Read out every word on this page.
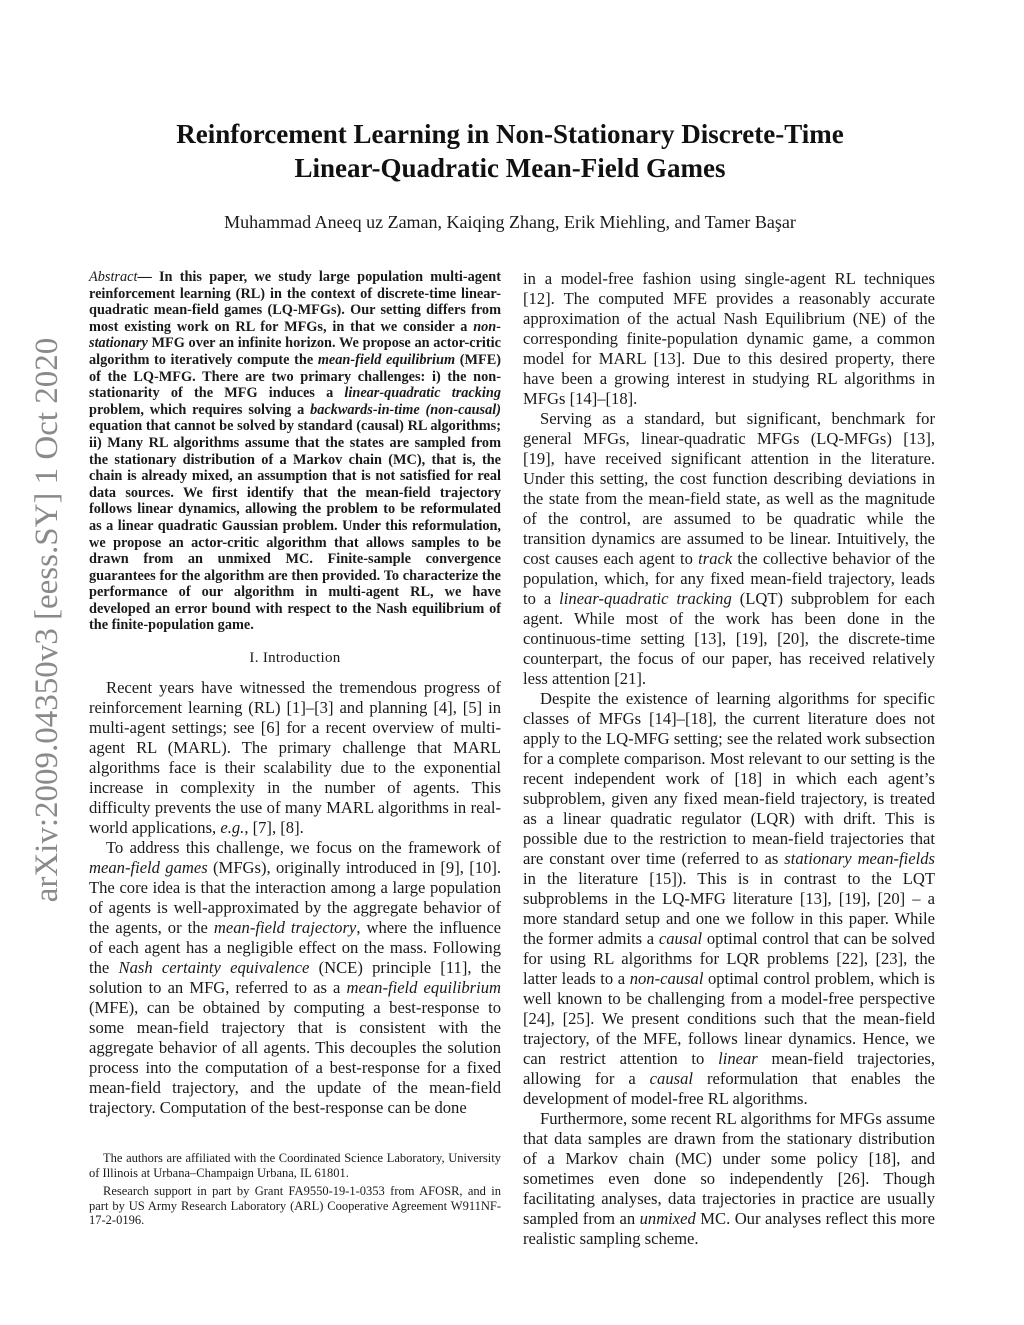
arXiv:2009.04350v3 [eess.SY] 1 Oct 2020
Reinforcement Learning in Non-Stationary Discrete-Time
Linear-Quadratic Mean-Field Games
Muhammad Aneeq uz Zaman, Kaiqing Zhang, Erik Miehling, and Tamer Başar

Abstract— In this paper, we study large population multi-agent reinforcement learning (RL) in the context of discrete-time linear-quadratic mean-field games (LQ-MFGs). Our setting differs from most existing work on RL for MFGs, in that we consider a non-stationary MFG over an infinite horizon. We propose an actor-critic algorithm to iteratively compute the mean-field equilibrium (MFE) of the LQ-MFG. There are two primary challenges: i) the non-stationarity of the MFG induces a linear-quadratic tracking problem, which requires solving a backwards-in-time (non-causal) equation that cannot be solved by standard (causal) RL algorithms; ii) Many RL algorithms assume that the states are sampled from the stationary distribution of a Markov chain (MC), that is, the chain is already mixed, an assumption that is not satisfied for real data sources. We first identify that the mean-field trajectory follows linear dynamics, allowing the problem to be reformulated as a linear quadratic Gaussian problem. Under this reformulation, we propose an actor-critic algorithm that allows samples to be drawn from an unmixed MC. Finite-sample convergence guarantees for the algorithm are then provided. To characterize the performance of our algorithm in multi-agent RL, we have developed an error bound with respect to the Nash equilibrium of the finite-population game.

I. Introduction

Recent years have witnessed the tremendous progress of reinforcement learning (RL) [1]–[3] and planning [4], [5] in multi-agent settings; see [6] for a recent overview of multi-agent RL (MARL). The primary challenge that MARL algorithms face is their scalability due to the exponential increase in complexity in the number of agents. This difficulty prevents the use of many MARL algorithms in real-world applications, e.g., [7], [8].

To address this challenge, we focus on the framework of mean-field games (MFGs), originally introduced in [9], [10]. The core idea is that the interaction among a large population of agents is well-approximated by the aggregate behavior of the agents, or the mean-field trajectory, where the influence of each agent has a negligible effect on the mass. Following the Nash certainty equivalence (NCE) principle [11], the solution to an MFG, referred to as a mean-field equilibrium (MFE), can be obtained by computing a best-response to some mean-field trajectory that is consistent with the aggregate behavior of all agents. This decouples the solution process into the computation of a best-response for a fixed mean-field trajectory, and the update of the mean-field trajectory. Computation of the best-response can be done

The authors are affiliated with the Coordinated Science Laboratory, University of Illinois at Urbana–Champaign Urbana, IL 61801.

Research support in part by Grant FA9550-19-1-0353 from AFOSR, and in part by US Army Research Laboratory (ARL) Cooperative Agreement W911NF-17-2-0196.

in a model-free fashion using single-agent RL techniques [12]. The computed MFE provides a reasonably accurate approximation of the actual Nash Equilibrium (NE) of the corresponding finite-population dynamic game, a common model for MARL [13]. Due to this desired property, there have been a growing interest in studying RL algorithms in MFGs [14]–[18].

Serving as a standard, but significant, benchmark for general MFGs, linear-quadratic MFGs (LQ-MFGs) [13], [19], have received significant attention in the literature. Under this setting, the cost function describing deviations in the state from the mean-field state, as well as the magnitude of the control, are assumed to be quadratic while the transition dynamics are assumed to be linear. Intuitively, the cost causes each agent to track the collective behavior of the population, which, for any fixed mean-field trajectory, leads to a linear-quadratic tracking (LQT) subproblem for each agent. While most of the work has been done in the continuous-time setting [13], [19], [20], the discrete-time counterpart, the focus of our paper, has received relatively less attention [21].

Despite the existence of learning algorithms for specific classes of MFGs [14]–[18], the current literature does not apply to the LQ-MFG setting; see the related work subsection for a complete comparison. Most relevant to our setting is the recent independent work of [18] in which each agent’s subproblem, given any fixed mean-field trajectory, is treated as a linear quadratic regulator (LQR) with drift. This is possible due to the restriction to mean-field trajectories that are constant over time (referred to as stationary mean-fields in the literature [15]). This is in contrast to the LQT subproblems in the LQ-MFG literature [13], [19], [20] – a more standard setup and one we follow in this paper. While the former admits a causal optimal control that can be solved for using RL algorithms for LQR problems [22], [23], the latter leads to a non-causal optimal control problem, which is well known to be challenging from a model-free perspective [24], [25]. We present conditions such that the mean-field trajectory, of the MFE, follows linear dynamics. Hence, we can restrict attention to linear mean-field trajectories, allowing for a causal reformulation that enables the development of model-free RL algorithms.

Furthermore, some recent RL algorithms for MFGs assume that data samples are drawn from the stationary distribution of a Markov chain (MC) under some policy [18], and sometimes even done so independently [26]. Though facilitating analyses, data trajectories in practice are usually sampled from an unmixed MC. Our analyses reflect this more realistic sampling scheme.
